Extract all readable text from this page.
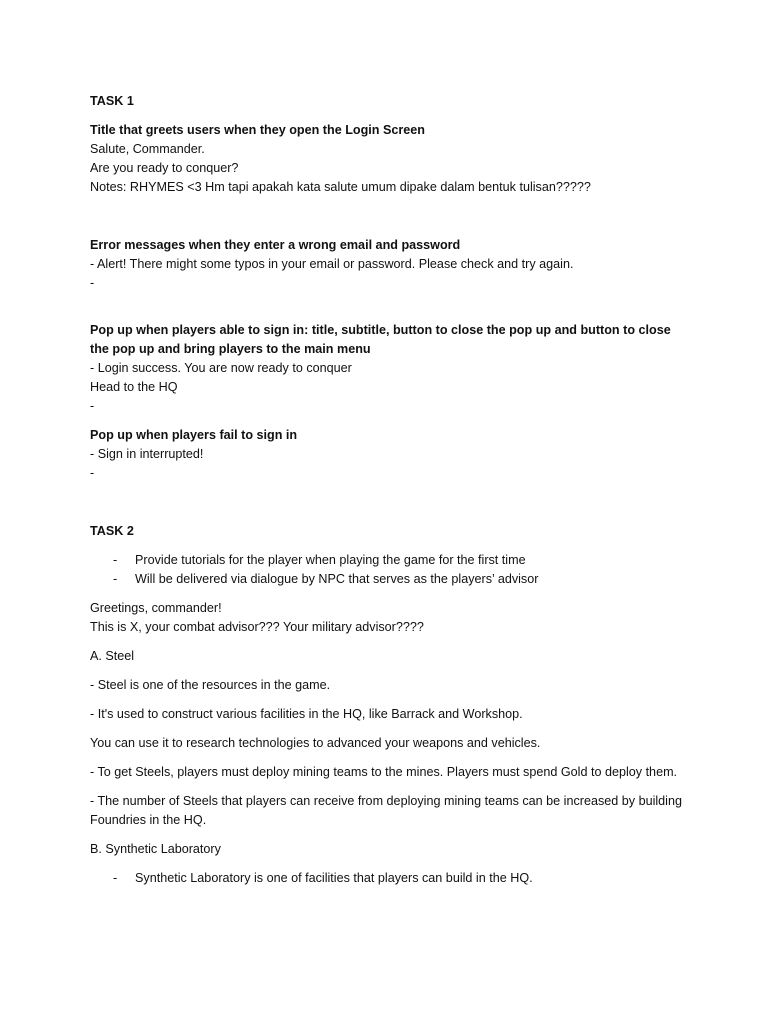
TASK 1

Title that greets users when they open the Login Screen

Salute, Commander.

Are you ready to conquer?

Notes: RHYMES <3 Hm tapi apakah kata salute umum dipake dalam bentuk tulisan?????

Error messages when they enter a wrong email and password

- Alert! There might some typos in your email or password. Please check and try again.

-

Pop up when players able to sign in: title, subtitle, button to close the pop up and button to close the pop up and bring players to the main menu

- Login success. You are now ready to conquer

Head to the HQ

-

Pop up when players fail to sign in

- Sign in interrupted!

-

TASK 2

- Provide tutorials for the player when playing the game for the first time
- Will be delivered via dialogue by NPC that serves as the players’ advisor

Greetings, commander!

This is X, your combat advisor??? Your military advisor????

A. Steel

- Steel is one of the resources in the game.

- It's used to construct various facilities in the HQ, like Barrack and Workshop.

You can use it to research technologies to advanced your weapons and vehicles.

- To get Steels, players must deploy mining teams to the mines. Players must spend Gold to deploy them.

- The number of Steels that players can receive from deploying mining teams can be increased by building Foundries in the HQ.

B. Synthetic Laboratory

- Synthetic Laboratory is one of facilities that players can build in the HQ.
